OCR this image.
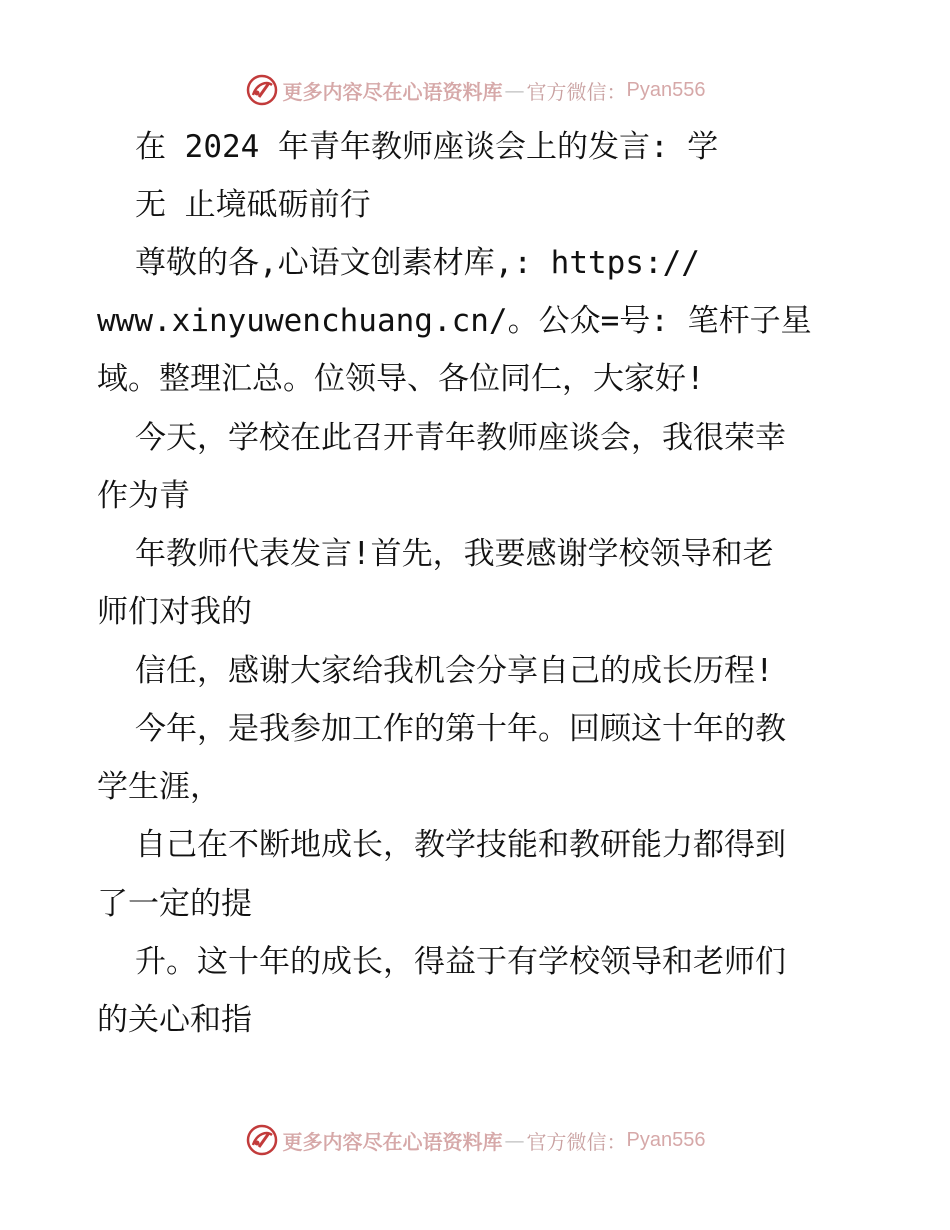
更多内容尽在心语资料库 — 官方微信： Pyan556

在 2024 年青年教师座谈会上的发言: 学

无 止境砥砺前行

尊敬的各,心语文创素材库,: https://

www.xinyuwenchuang.cn/。公众=号: 笔杆子星

域。整理汇总。位领导、各位同仁，大家好!

今天，学校在此召开青年教师座谈会，我很荣幸

作为青

年教师代表发言!首先，我要感谢学校领导和老

师们对我的

信任，感谢大家给我机会分享自己的成长历程!

今年，是我参加工作的第十年。回顾这十年的教

学生涯，

自己在不断地成长，教学技能和教研能力都得到

了一定的提

升。这十年的成长，得益于有学校领导和老师们

的关心和指

更多内容尽在心语资料库 — 官方微信： Pyan556
